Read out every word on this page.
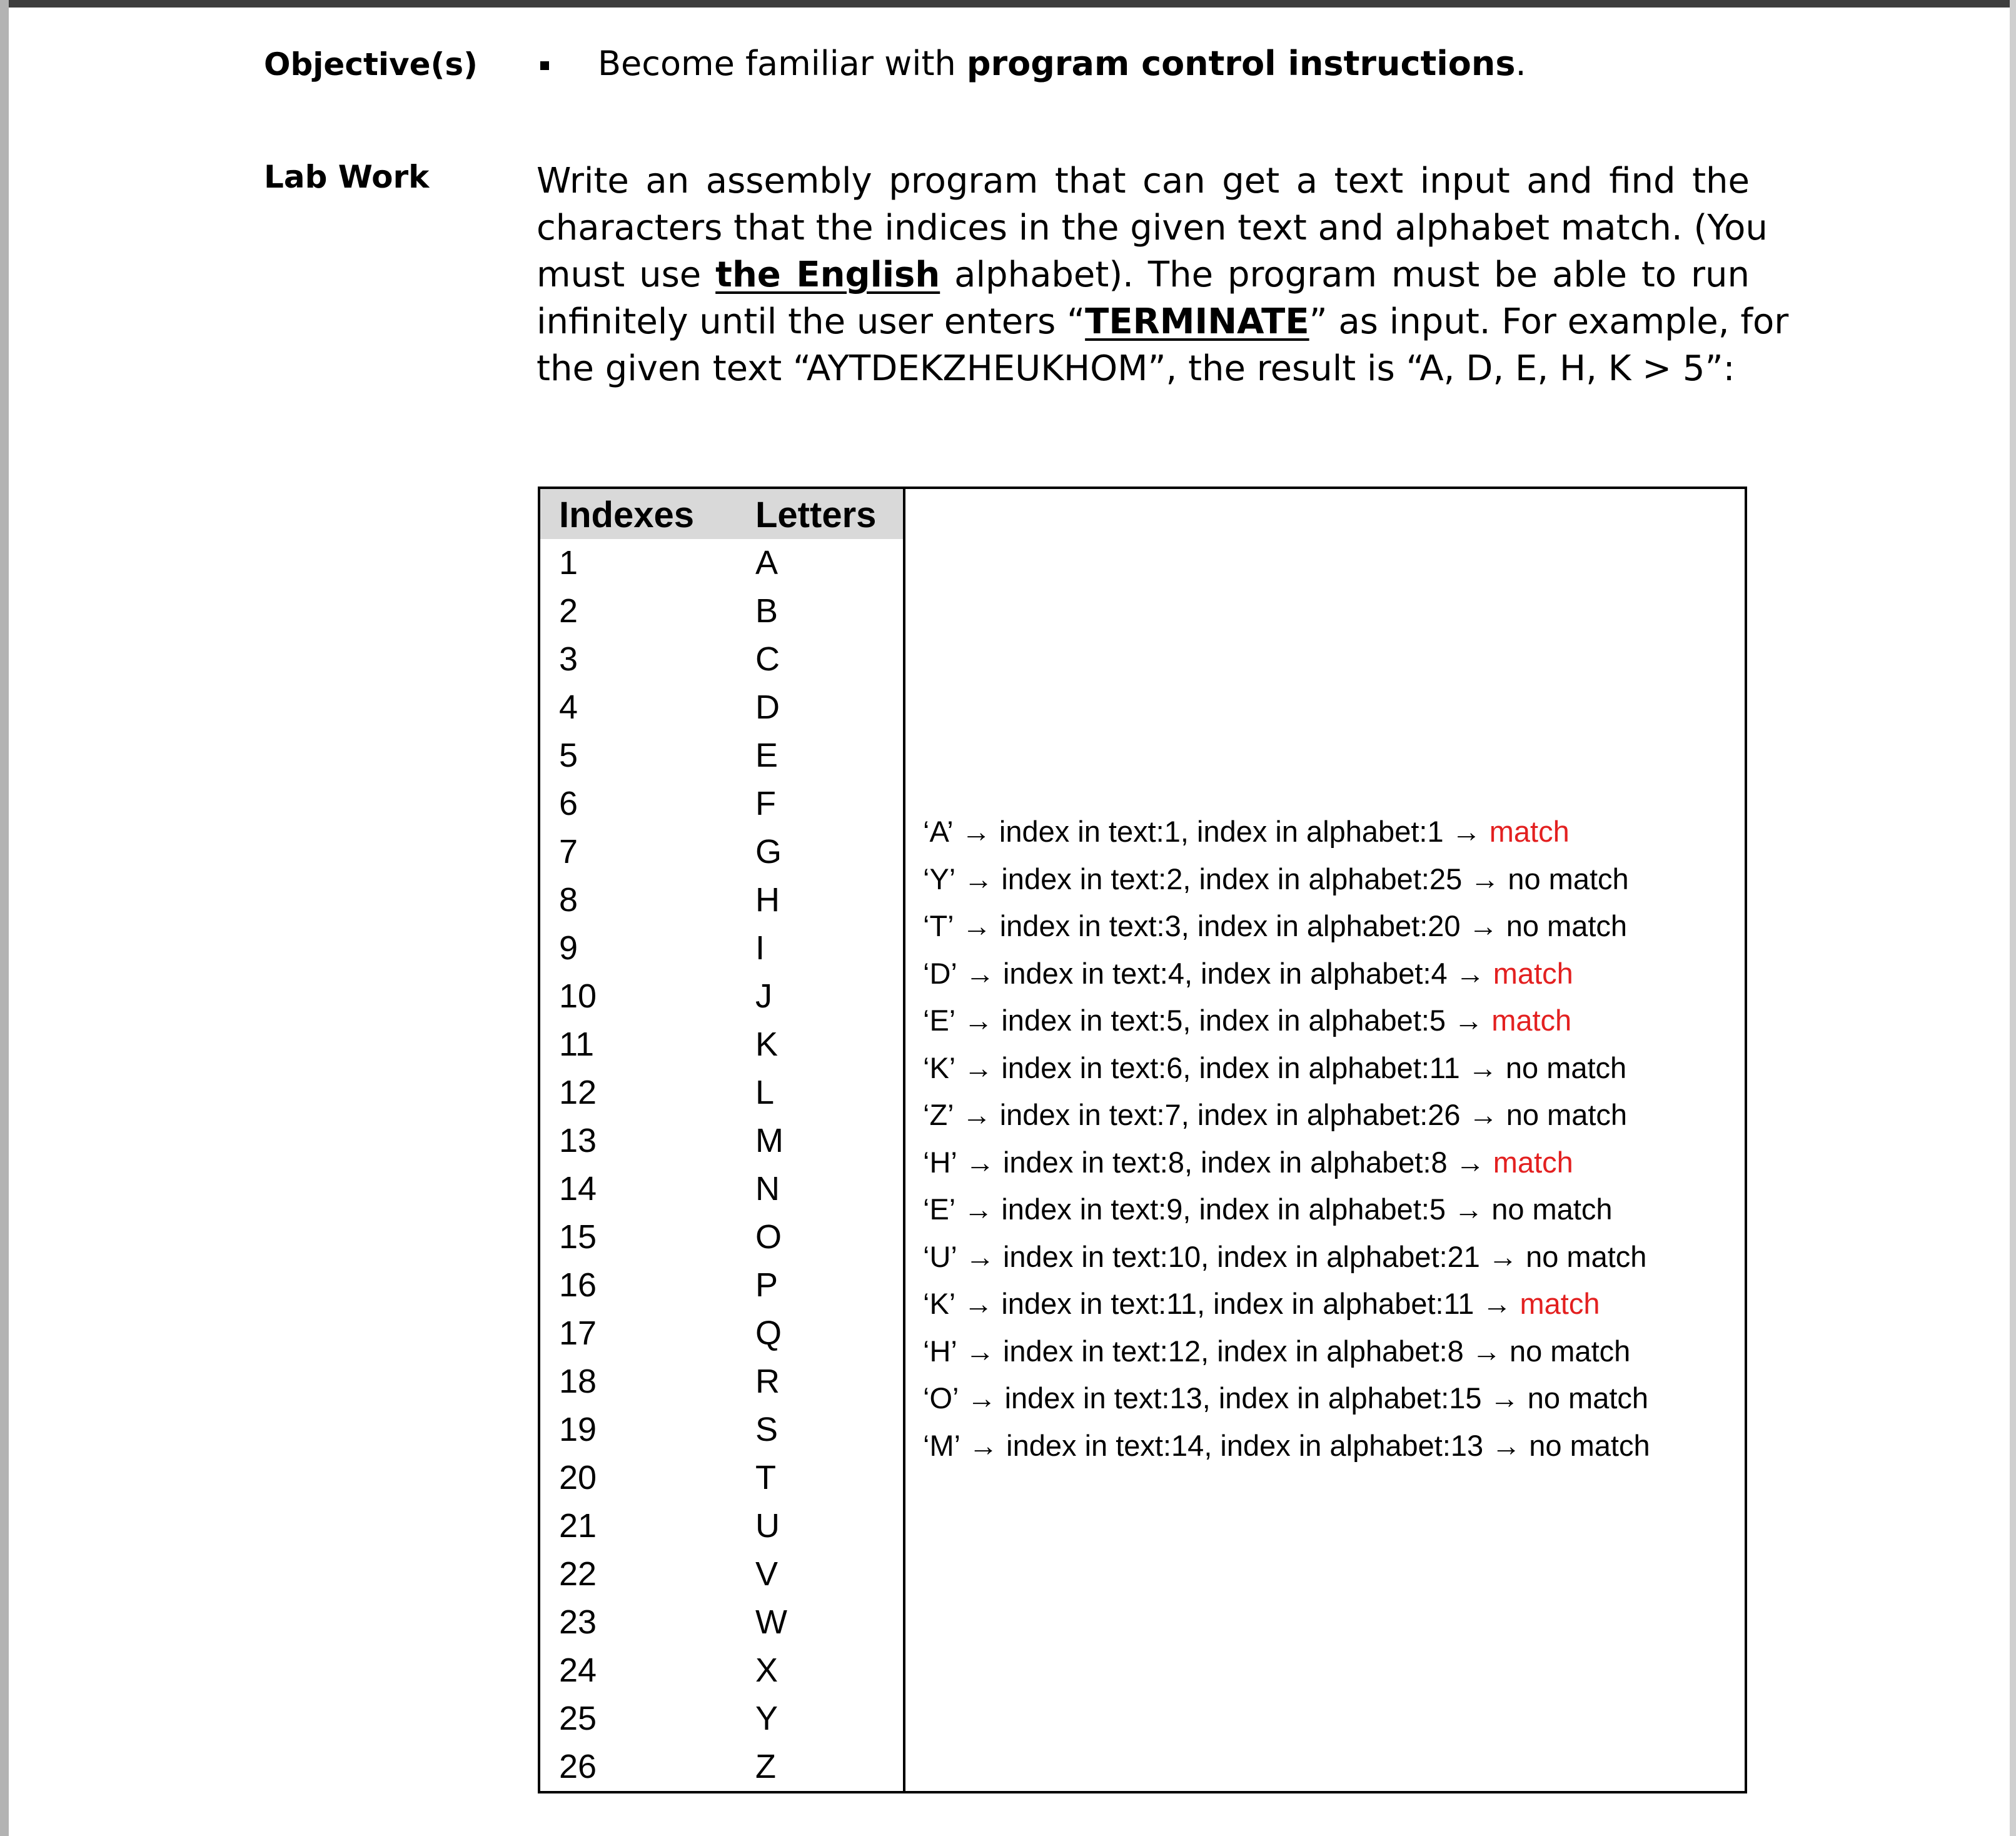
Objective(s)	Become familiar with program control instructions.
Lab Work	Write an assembly program that can get a text input and find the
characters that the indices in the given text and alphabet match. (You
must use the English alphabet). The program must be able to run
infinitely until the user enters “TERMINATE” as input. For example, for
the given text “AYTDEKZHEUKHOM”, the result is “A, D, E, H, K > 5”:
Indexes Letters
1	A
2	B
3	C
4	D
5	E
6	F
7	G
8	H
9	I
10	J
11	K
12	L
13	M
14	N
15	O
16	P
17	Q
18	R
19	S
20	T
21	U
22	V
23	W
24	X
25	Y
26	Z
‘A’ → index in text:1, index in alphabet:1 → match
‘Y’ → index in text:2, index in alphabet:25 → no match
‘T’ → index in text:3, index in alphabet:20 → no match
‘D’ → index in text:4, index in alphabet:4 → match
‘E’ → index in text:5, index in alphabet:5 → match
‘K’ → index in text:6, index in alphabet:11 → no match
‘Z’ → index in text:7, index in alphabet:26 → no match
‘H’ → index in text:8, index in alphabet:8 → match
‘E’ → index in text:9, index in alphabet:5 → no match
‘U’ → index in text:10, index in alphabet:21 → no match
‘K’ → index in text:11, index in alphabet:11 → match
‘H’ → index in text:12, index in alphabet:8 → no match
‘O’ → index in text:13, index in alphabet:15 → no match
‘M’ → index in text:14, index in alphabet:13 → no match
